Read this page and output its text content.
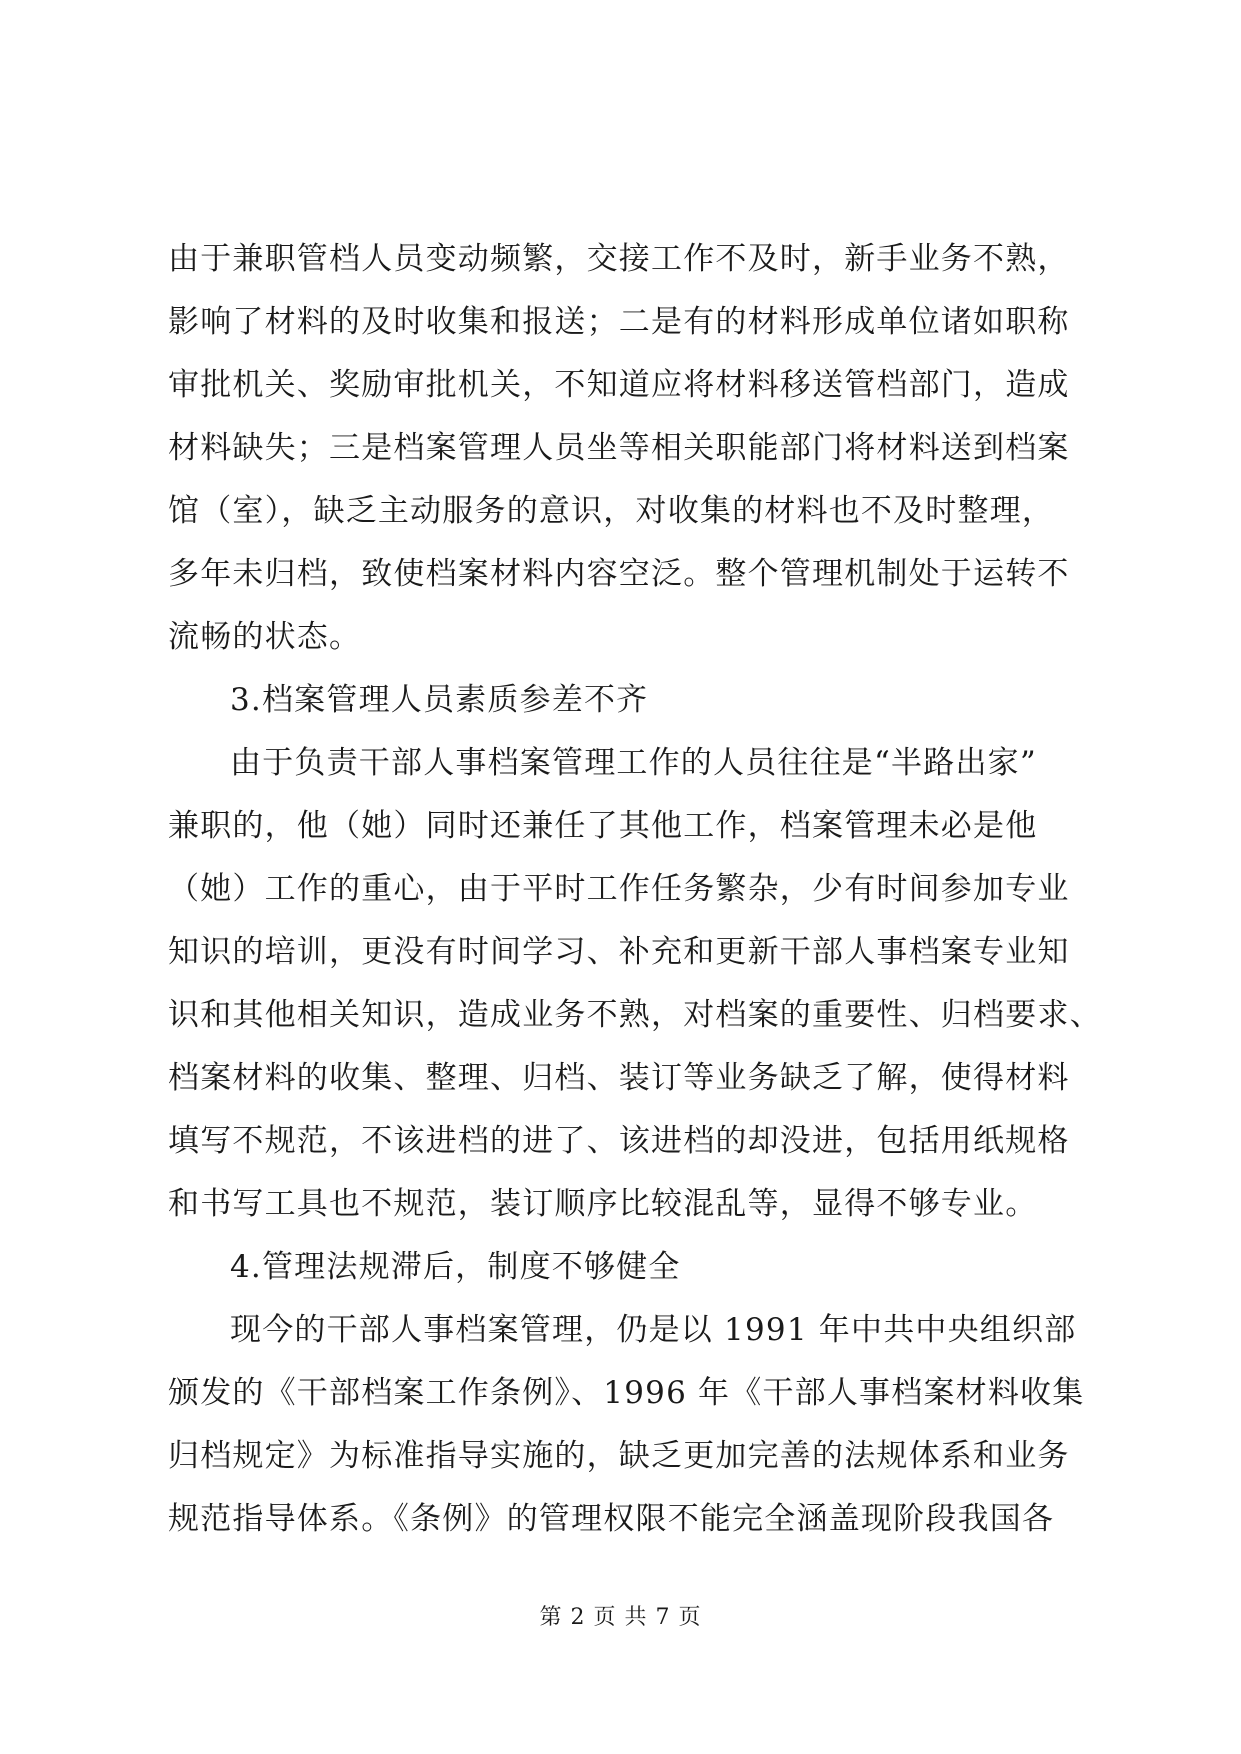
由于兼职管档人员变动频繁，交接工作不及时，新手业务不熟，
影响了材料的及时收集和报送；二是有的材料形成单位诸如职称
审批机关、奖励审批机关，不知道应将材料移送管档部门，造成
材料缺失；三是档案管理人员坐等相关职能部门将材料送到档案
馆（室），缺乏主动服务的意识，对收集的材料也不及时整理，
多年未归档，致使档案材料内容空泛。整个管理机制处于运转不
流畅的状态。
3.档案管理人员素质参差不齐
由于负责干部人事档案管理工作的人员往往是“半路出家”
兼职的，他（她）同时还兼任了其他工作，档案管理未必是他
（她）工作的重心，由于平时工作任务繁杂，少有时间参加专业
知识的培训，更没有时间学习、补充和更新干部人事档案专业知
识和其他相关知识，造成业务不熟，对档案的重要性、归档要求、
档案材料的收集、整理、归档、装订等业务缺乏了解，使得材料
填写不规范，不该进档的进了、该进档的却没进，包括用纸规格
和书写工具也不规范，装订顺序比较混乱等，显得不够专业。
4.管理法规滞后，制度不够健全
现今的干部人事档案管理，仍是以 1991 年中共中央组织部
颁发的《干部档案工作条例》、1996 年《干部人事档案材料收集
归档规定》为标准指导实施的，缺乏更加完善的法规体系和业务
规范指导体系。《条例》的管理权限不能完全涵盖现阶段我国各
第 2 页 共 7 页
